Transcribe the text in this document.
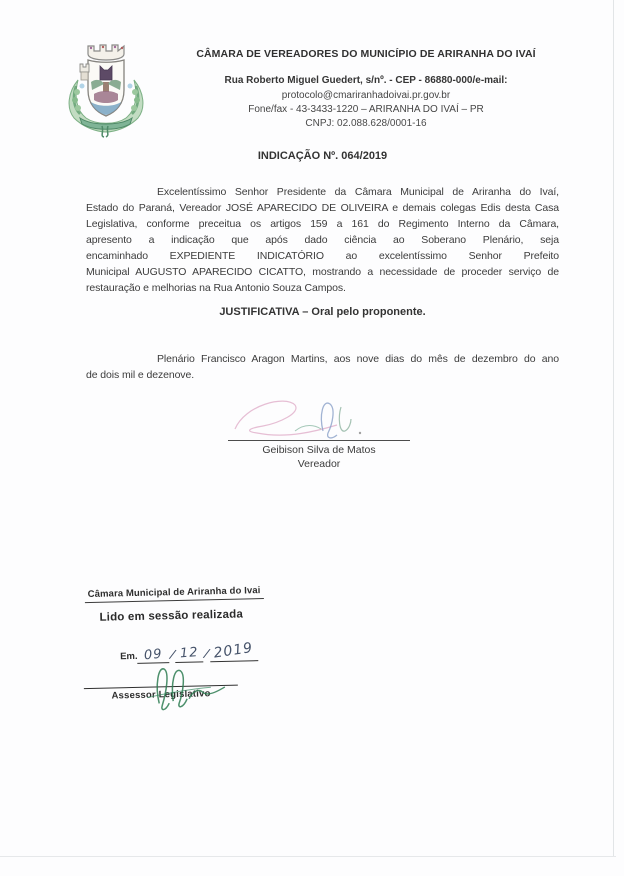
CÂMARA DE VEREADORES DO MUNICÍPIO DE ARIRANHA DO IVAÍ
Rua Roberto Miguel Guedert, s/nº. - CEP - 86880-000/e-mail:
protocolo@cmariranhadoivai.pr.gov.br
Fone/fax - 43-3433-1220 – ARIRANHA DO IVAÍ – PR
CNPJ: 02.088.628/0001-16
INDICAÇÃO Nº. 064/2019
Excelentíssimo Senhor Presidente da Câmara Municipal de Ariranha do Ivaí,
Estado do Paraná, Vereador JOSÉ APARECIDO DE OLIVEIRA e demais colegas Edis desta Casa
Legislativa, conforme preceitua os artigos 159 a 161 do Regimento Interno da Câmara,
apresento a indicação que após dado ciência ao Soberano Plenário, seja
encaminhado EXPEDIENTE INDICATÓRIO ao excelentíssimo Senhor Prefeito
Municipal AUGUSTO APARECIDO CICATTO, mostrando a necessidade de proceder serviço de
restauração e melhorias na Rua Antonio Souza Campos.
JUSTIFICATIVA – Oral pelo proponente.
Plenário Francisco Aragon Martins, aos nove dias do mês de dezembro do ano
de dois mil e dezenove.
Geibison Silva de Matos
Vereador
Câmara Municipal de Ariranha do Ivai
Lido em sessão realizada
Em. 09 / 12 / 2019
Assessor Legislativo
